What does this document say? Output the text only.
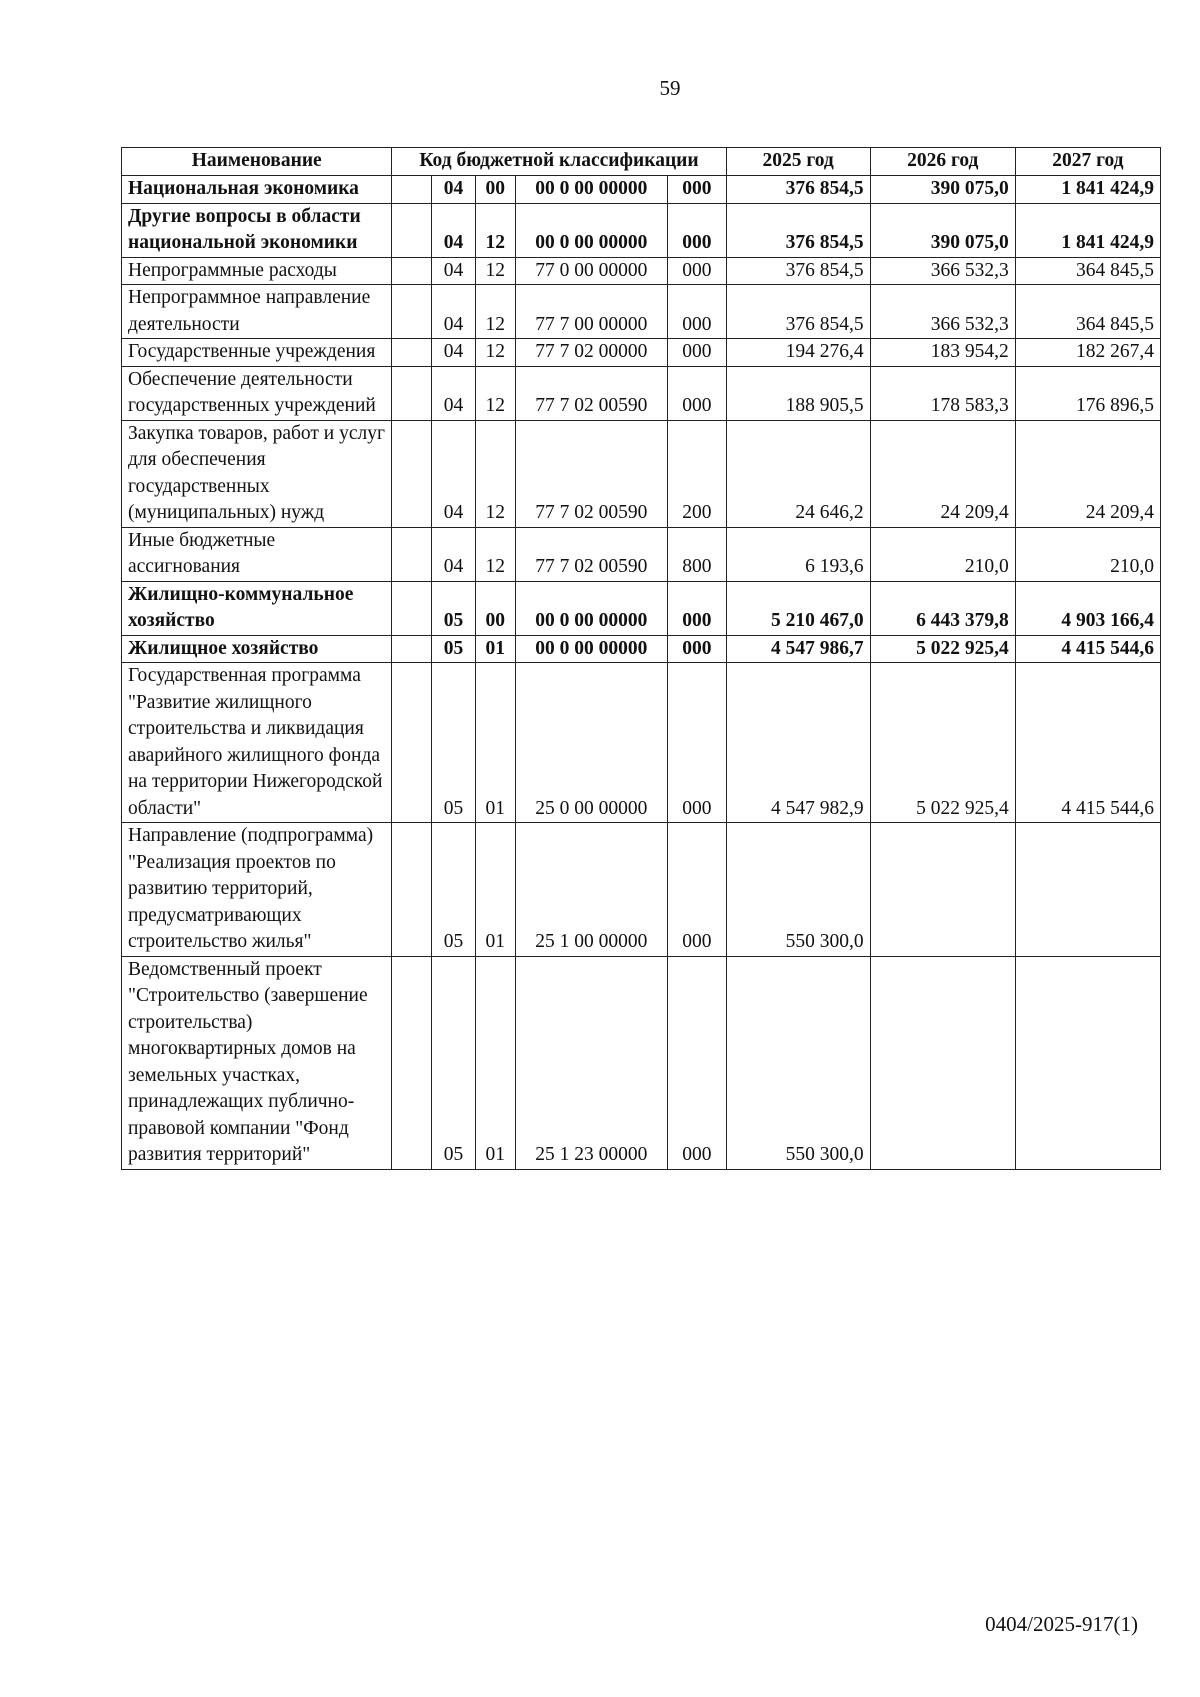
59
Наименование	Код бюджетной классификации					2025 год	2026 год	2027 год
Национальная экономика		04	00	00 0 00 00000	000	376 854,5	390 075,0	1 841 424,9
Другие вопросы в области национальной экономики		04	12	00 0 00 00000	000	376 854,5	390 075,0	1 841 424,9
Непрограммные расходы		04	12	77 0 00 00000	000	376 854,5	366 532,3	364 845,5
Непрограммное направление деятельности		04	12	77 7 00 00000	000	376 854,5	366 532,3	364 845,5
Государственные учреждения		04	12	77 7 02 00000	000	194 276,4	183 954,2	182 267,4
Обеспечение деятельности государственных учреждений		04	12	77 7 02 00590	000	188 905,5	178 583,3	176 896,5
Закупка товаров, работ и услуг для обеспечения государственных (муниципальных) нужд		04	12	77 7 02 00590	200	24 646,2	24 209,4	24 209,4
Иные бюджетные ассигнования		04	12	77 7 02 00590	800	6 193,6	210,0	210,0
Жилищно-коммунальное хозяйство		05	00	00 0 00 00000	000	5 210 467,0	6 443 379,8	4 903 166,4
Жилищное хозяйство		05	01	00 0 00 00000	000	4 547 986,7	5 022 925,4	4 415 544,6
Государственная программа "Развитие жилищного строительства и ликвидация аварийного жилищного фонда на территории Нижегородской области"		05	01	25 0 00 00000	000	4 547 982,9	5 022 925,4	4 415 544,6
Направление (подпрограмма) "Реализация проектов по развитию территорий, предусматривающих строительство жилья"		05	01	25 1 00 00000	000	550 300,0		
Ведомственный проект "Строительство (завершение строительства) многоквартирных домов на земельных участках, принадлежащих публично-правовой компании "Фонд развития территорий"		05	01	25 1 23 00000	000	550 300,0		
0404/2025-917(1)
